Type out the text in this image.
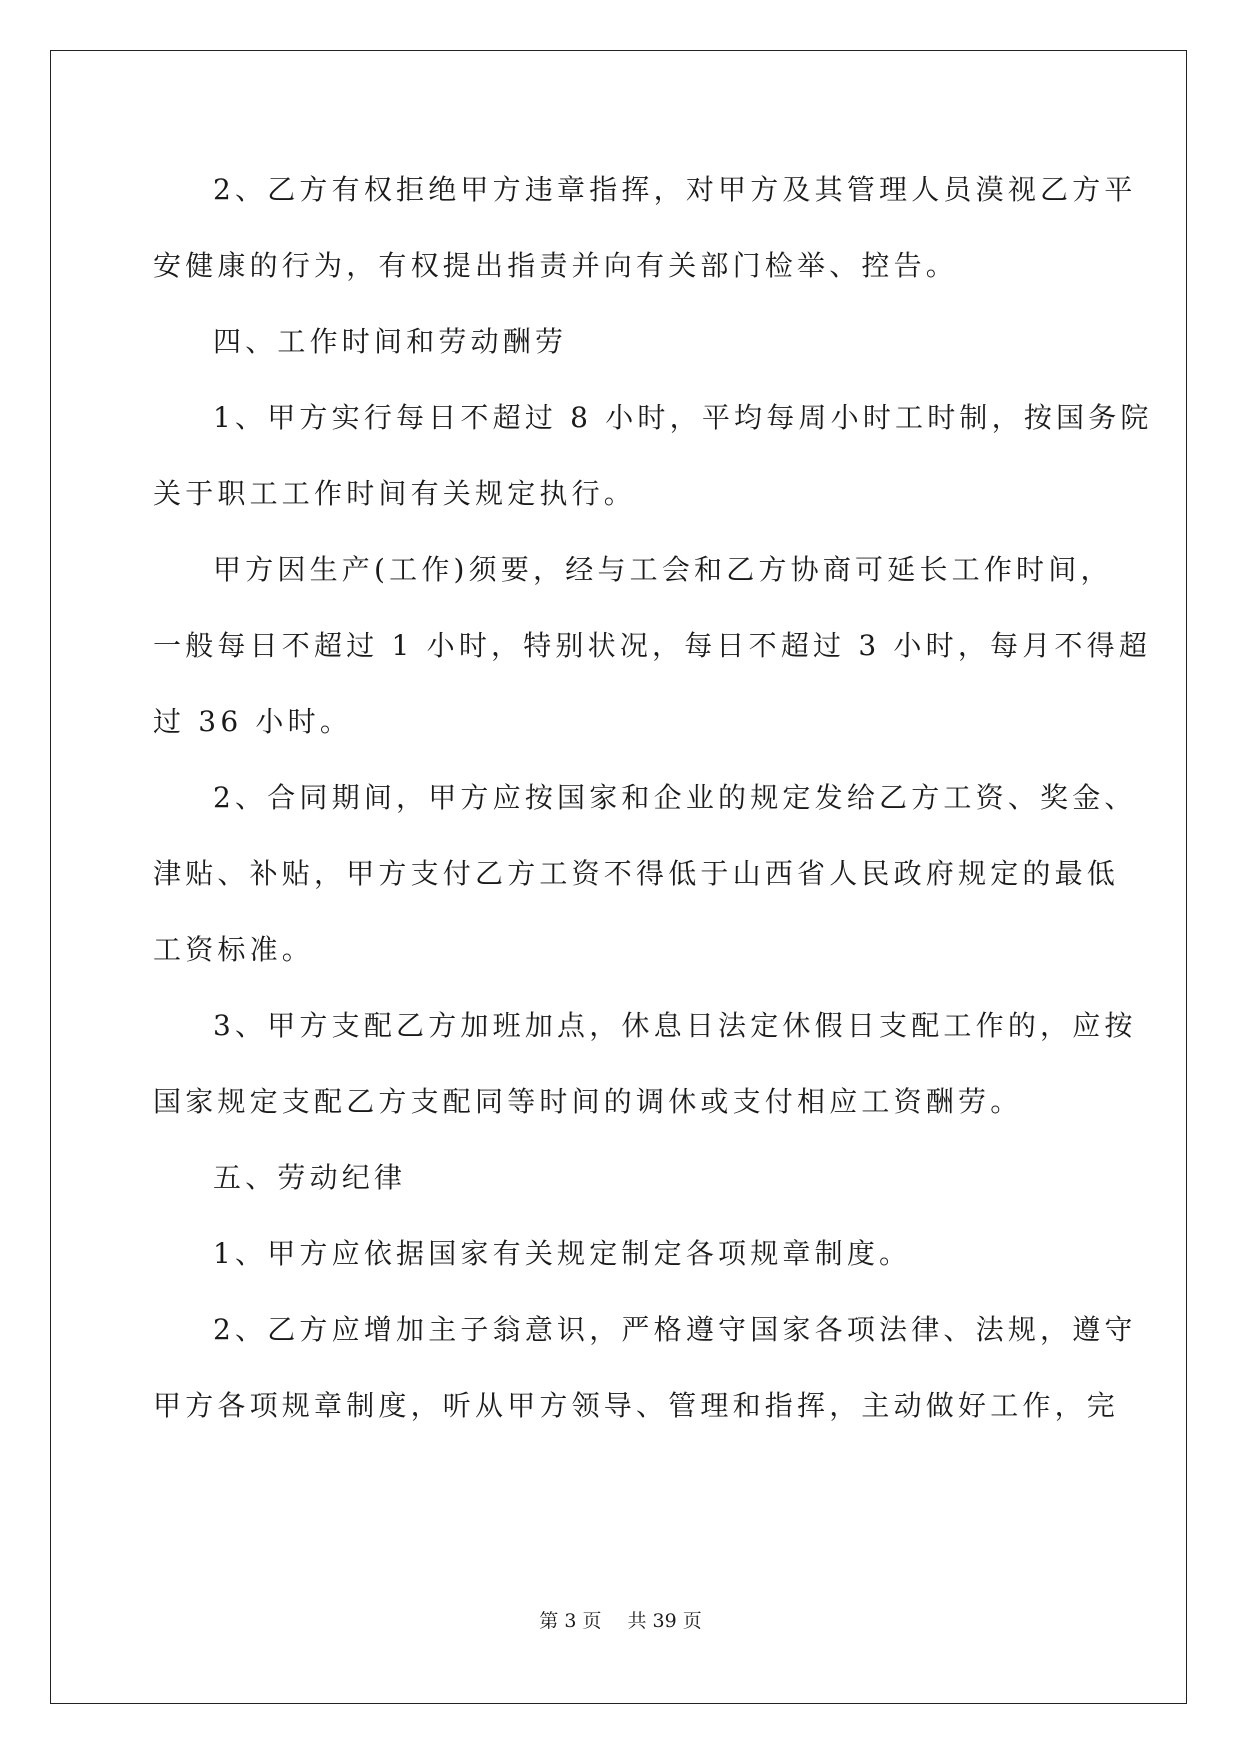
2、乙方有权拒绝甲方违章指挥，对甲方及其管理人员漠视乙方平
安健康的行为，有权提出指责并向有关部门检举、控告。
四、工作时间和劳动酬劳
1、甲方实行每日不超过 8 小时，平均每周小时工时制，按国务院
关于职工工作时间有关规定执行。
甲方因生产(工作)须要，经与工会和乙方协商可延长工作时间，
一般每日不超过 1 小时，特别状况，每日不超过 3 小时，每月不得超
过 36 小时。
2、合同期间，甲方应按国家和企业的规定发给乙方工资、奖金、
津贴、补贴，甲方支付乙方工资不得低于山西省人民政府规定的最低
工资标准。
3、甲方支配乙方加班加点，休息日法定休假日支配工作的，应按
国家规定支配乙方支配同等时间的调休或支付相应工资酬劳。
五、劳动纪律
1、甲方应依据国家有关规定制定各项规章制度。
2、乙方应增加主子翁意识，严格遵守国家各项法律、法规，遵守
甲方各项规章制度，听从甲方领导、管理和指挥，主动做好工作，完
第 3 页 共 39 页
